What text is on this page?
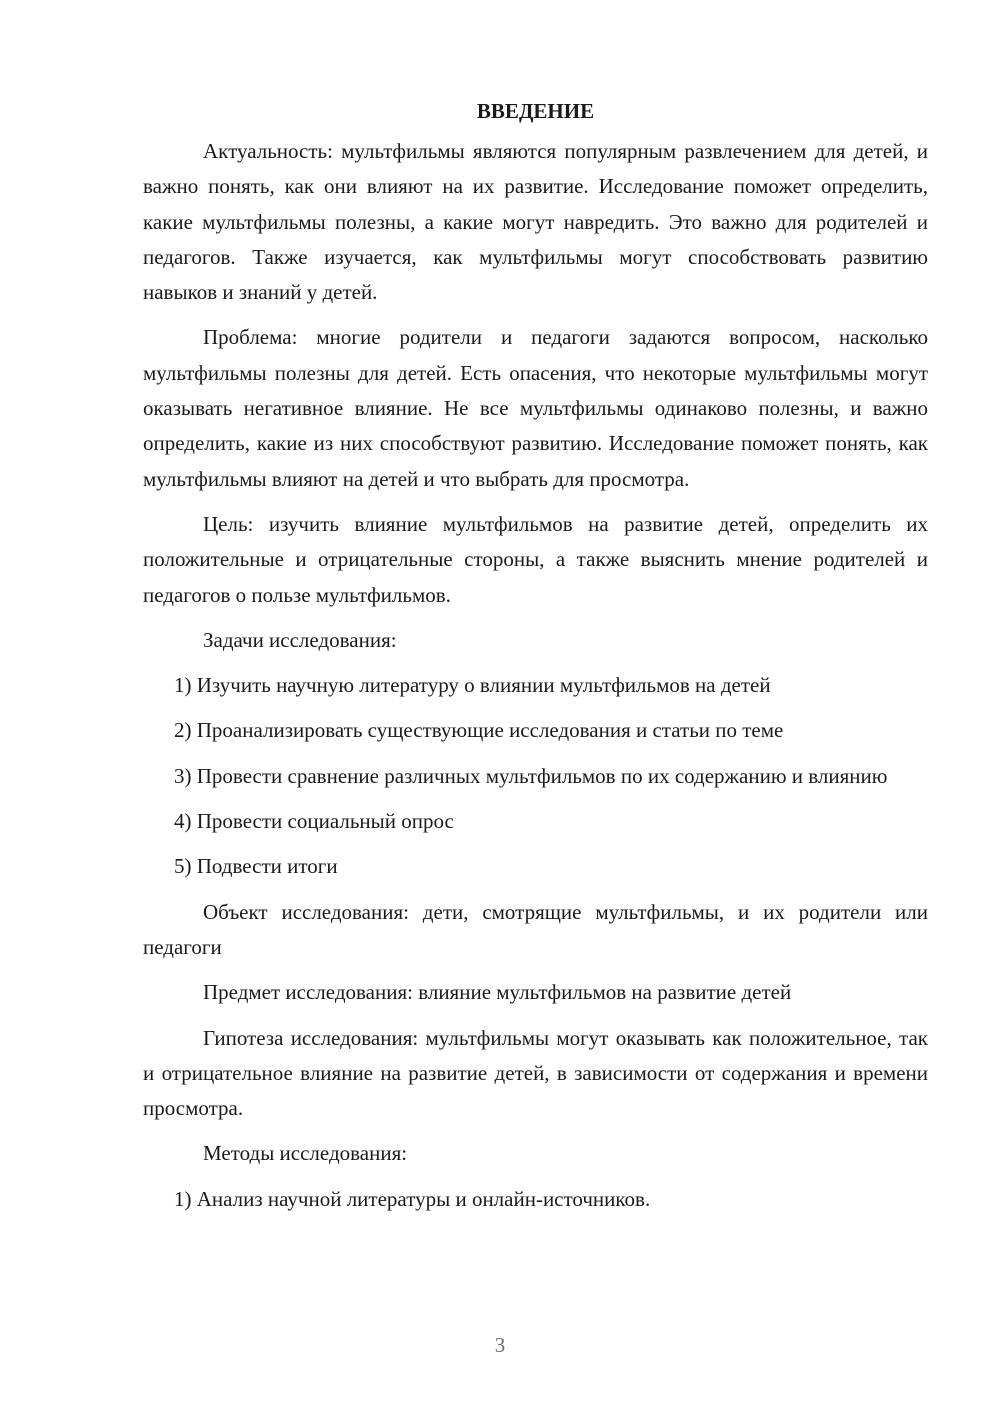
ВВЕДЕНИЕ

Актуальность: мультфильмы являются популярным развлечением для детей, и важно понять, как они влияют на их развитие. Исследование поможет определить, какие мультфильмы полезны, а какие могут навредить. Это важно для родителей и педагогов. Также изучается, как мультфильмы могут способствовать развитию навыков и знаний у детей.

Проблема: многие родители и педагоги задаются вопросом, насколько мультфильмы полезны для детей. Есть опасения, что некоторые мультфильмы могут оказывать негативное влияние. Не все мультфильмы одинаково полезны, и важно определить, какие из них способствуют развитию. Исследование поможет понять, как мультфильмы влияют на детей и что выбрать для просмотра.

Цель: изучить влияние мультфильмов на развитие детей, определить их положительные и отрицательные стороны, а также выяснить мнение родителей и педагогов о пользе мультфильмов.

Задачи исследования:

1) Изучить научную литературу о влиянии мультфильмов на детей

2) Проанализировать существующие исследования и статьи по теме

3) Провести сравнение различных мультфильмов по их содержанию и влиянию

4) Провести социальный опрос

5) Подвести итоги

Объект исследования: дети, смотрящие мультфильмы, и их родители или педагоги

Предмет исследования: влияние мультфильмов на развитие детей

Гипотеза исследования: мультфильмы могут оказывать как положительное, так и отрицательное влияние на развитие детей, в зависимости от содержания и времени просмотра.

Методы исследования:

1) Анализ научной литературы и онлайн-источников.

3
